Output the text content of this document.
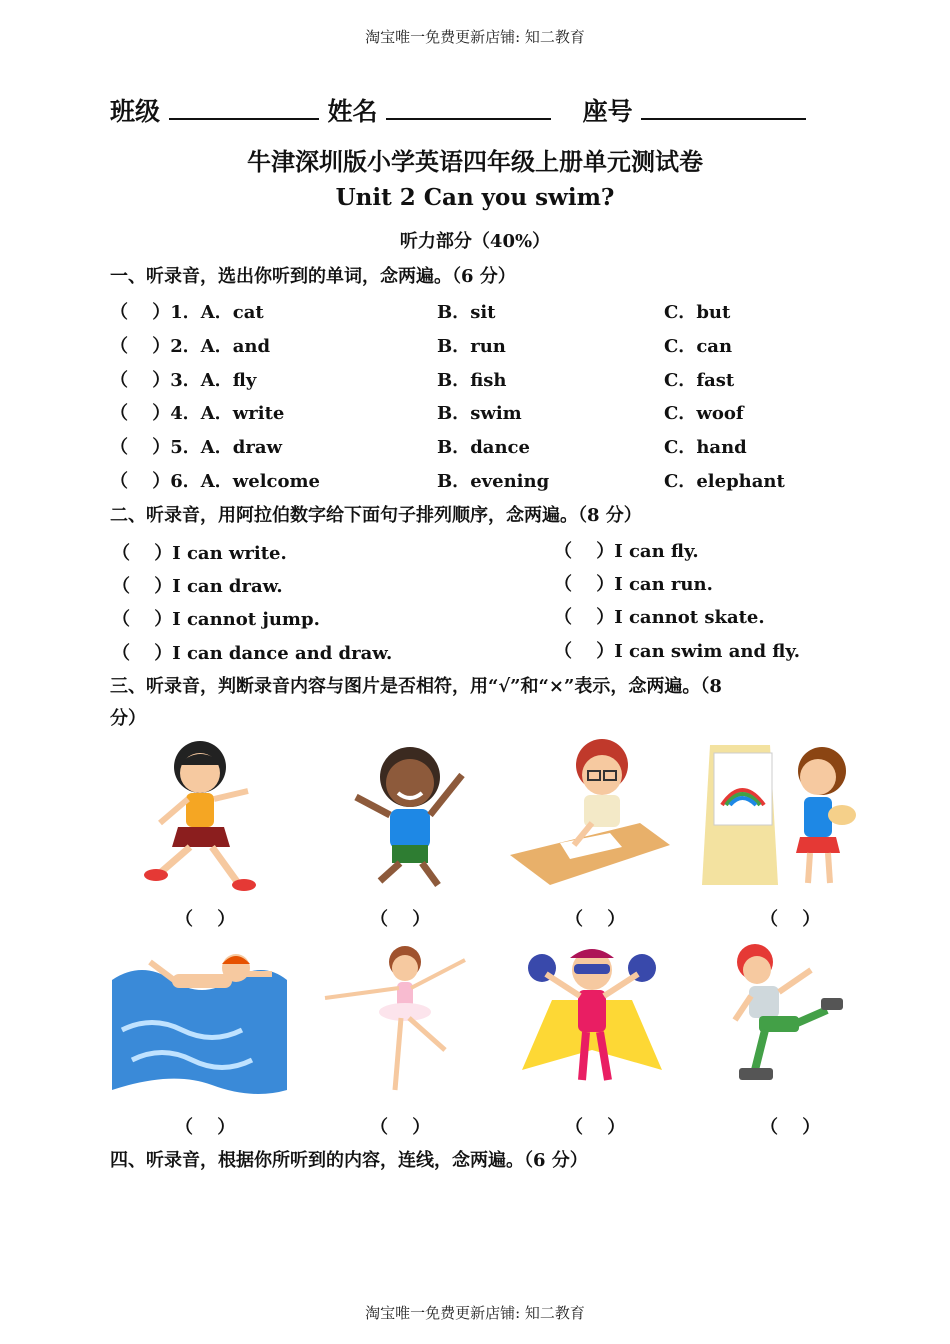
淘宝唯一免费更新店铺: 知二教育
淘宝唯一免费更新店铺: 知二教育
班级	姓名	座号
牛津深圳版小学英语四年级上册单元测试卷
Unit 2 Can you swim?
听力部分（40%）
一、听录音，选出你听到的单词，念两遍。（6 分）
（　 ）1．A．cat	B．sit	C．but
（　 ）2．A．and	B．run	C．can
（　 ）3．A．fly	B．fish	C．fast
（　 ）4．A．write	B．swim	C．woof
（　 ）5．A．draw	B．dance	C．hand
（　 ）6．A．welcome	B．evening	C．elephant
二、听录音，用阿拉伯数字给下面句子排列顺序，念两遍。（8 分）
（　 ）I can write.
（　 ）I can draw.
（　 ）I cannot jump.
（　 ）I can dance and draw.
（　 ）I can fly.
（　 ）I can run.
（　 ）I cannot skate.
（　 ）I can swim and fly.
三、听录音，判断录音内容与图片是否相符，用“√”和“×”表示，念两遍。（8
分）
（　 ）	（　 ）	（　 ）	（　 ）
（　 ）	（　 ）	（　 ）	（　 ）
四、听录音，根据你所听到的内容，连线，念两遍。（6 分）
